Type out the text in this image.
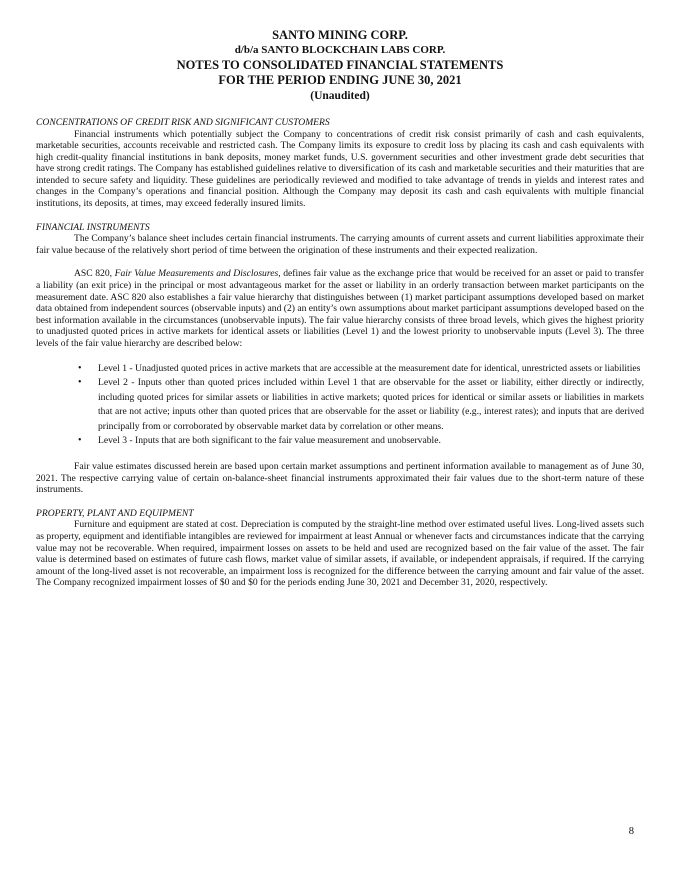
SANTO MINING CORP.
d/b/a SANTO BLOCKCHAIN LABS CORP.
NOTES TO CONSOLIDATED FINANCIAL STATEMENTS
FOR THE PERIOD ENDING JUNE 30, 2021
(Unaudited)

CONCENTRATIONS OF CREDIT RISK AND SIGNIFICANT CUSTOMERS

Financial instruments which potentially subject the Company to concentrations of credit risk consist primarily of cash and cash equivalents, marketable securities, accounts receivable and restricted cash. The Company limits its exposure to credit loss by placing its cash and cash equivalents with high credit-quality financial institutions in bank deposits, money market funds, U.S. government securities and other investment grade debt securities that have strong credit ratings. The Company has established guidelines relative to diversification of its cash and marketable securities and their maturities that are intended to secure safety and liquidity. These guidelines are periodically reviewed and modified to take advantage of trends in yields and interest rates and changes in the Company’s operations and financial position. Although the Company may deposit its cash and cash equivalents with multiple financial institutions, its deposits, at times, may exceed federally insured limits.

FINANCIAL INSTRUMENTS

The Company’s balance sheet includes certain financial instruments. The carrying amounts of current assets and current liabilities approximate their fair value because of the relatively short period of time between the origination of these instruments and their expected realization.

ASC 820, Fair Value Measurements and Disclosures, defines fair value as the exchange price that would be received for an asset or paid to transfer a liability (an exit price) in the principal or most advantageous market for the asset or liability in an orderly transaction between market participants on the measurement date. ASC 820 also establishes a fair value hierarchy that distinguishes between (1) market participant assumptions developed based on market data obtained from independent sources (observable inputs) and (2) an entity’s own assumptions about market participant assumptions developed based on the best information available in the circumstances (unobservable inputs). The fair value hierarchy consists of three broad levels, which gives the highest priority to unadjusted quoted prices in active markets for identical assets or liabilities (Level 1) and the lowest priority to unobservable inputs (Level 3). The three levels of the fair value hierarchy are described below:

• Level 1 - Unadjusted quoted prices in active markets that are accessible at the measurement date for identical, unrestricted assets or liabilities
• Level 2 - Inputs other than quoted prices included within Level 1 that are observable for the asset or liability, either directly or indirectly, including quoted prices for similar assets or liabilities in active markets; quoted prices for identical or similar assets or liabilities in markets that are not active; inputs other than quoted prices that are observable for the asset or liability (e.g., interest rates); and inputs that are derived principally from or corroborated by observable market data by correlation or other means.
• Level 3 - Inputs that are both significant to the fair value measurement and unobservable.

Fair value estimates discussed herein are based upon certain market assumptions and pertinent information available to management as of June 30, 2021. The respective carrying value of certain on-balance-sheet financial instruments approximated their fair values due to the short-term nature of these instruments.

PROPERTY, PLANT AND EQUIPMENT

Furniture and equipment are stated at cost. Depreciation is computed by the straight-line method over estimated useful lives. Long-lived assets such as property, equipment and identifiable intangibles are reviewed for impairment at least Annual or whenever facts and circumstances indicate that the carrying value may not be recoverable. When required, impairment losses on assets to be held and used are recognized based on the fair value of the asset. The fair value is determined based on estimates of future cash flows, market value of similar assets, if available, or independent appraisals, if required. If the carrying amount of the long-lived asset is not recoverable, an impairment loss is recognized for the difference between the carrying amount and fair value of the asset. The Company recognized impairment losses of $0 and $0 for the periods ending June 30, 2021 and December 31, 2020, respectively.

8
